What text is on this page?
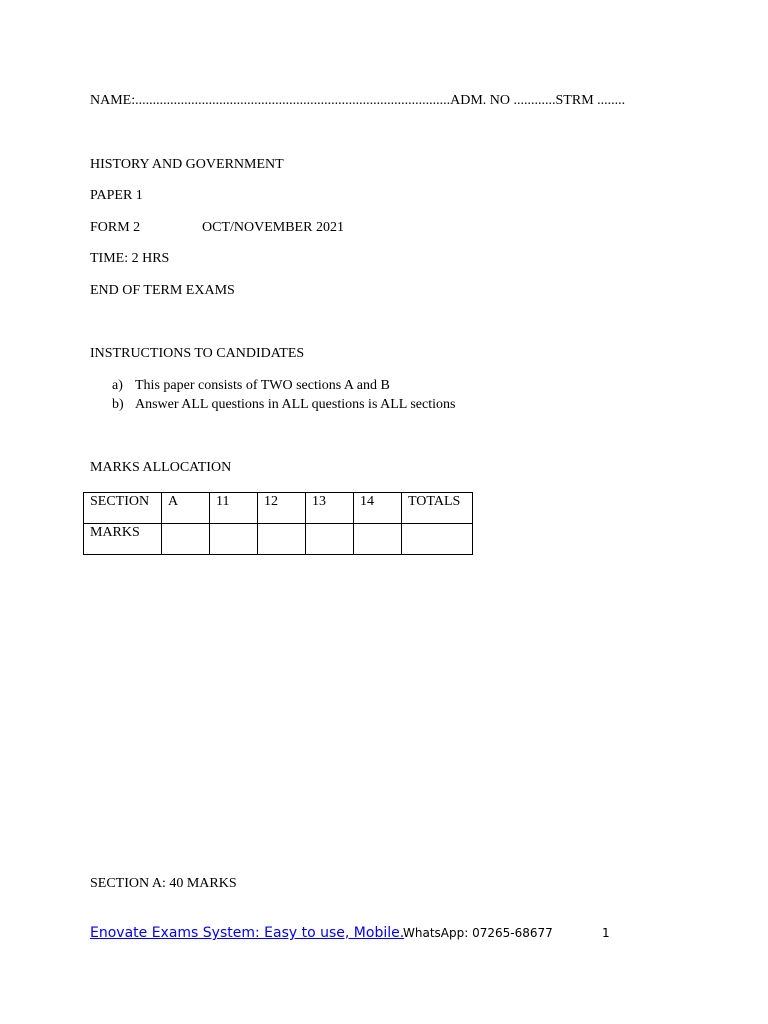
NAME:..........................................................................................ADM. NO ............STRM ........
HISTORY AND GOVERNMENT
PAPER 1
FORM 2	OCT/NOVEMBER 2021
TIME: 2 HRS
END OF TERM EXAMS
INSTRUCTIONS TO CANDIDATES
a) This paper consists of TWO sections A and B
b) Answer ALL questions in ALL questions is ALL sections
MARKS ALLOCATION
SECTION	A	11	12	13	14	TOTALS
MARKS						
SECTION A: 40 MARKS
Enovate Exams System: Easy to use, Mobile.
WhatsApp: 07265-68677	1
